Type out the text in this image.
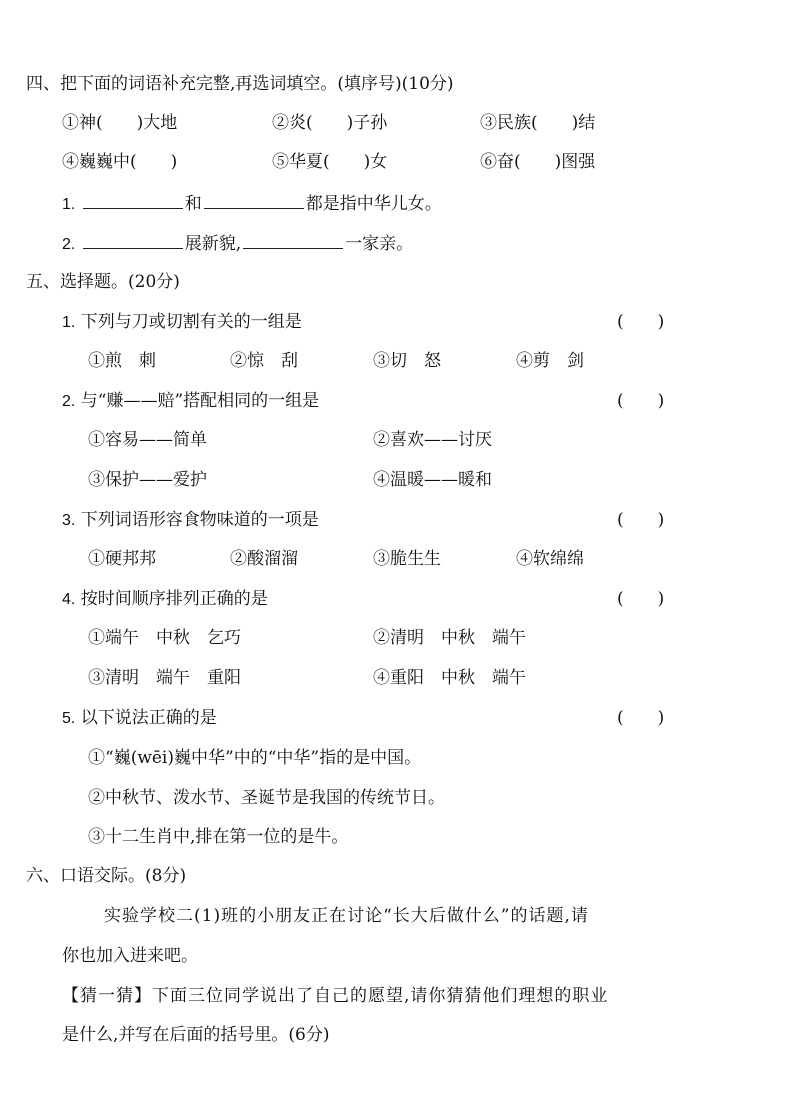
四、把下面的词语补充完整,再选词填空。(填序号)(10分)
①神(　　)大地	②炎(　　)子孙	③民族(　　)结
④巍巍中(　　)	⑤华夏(　　)女	⑥奋(　　)图强
1.	和	都是指中华儿女。
2.	展新貌,	一家亲。
五、选择题。(20分)
1. 下列与刀或切割有关的一组是	(　　)
①煎　刺	②惊　刮	③切　怒	④剪　剑
2. 与“赚——赔”搭配相同的一组是	(　　)
①容易——简单	②喜欢——讨厌
③保护——爱护	④温暖——暖和
3. 下列词语形容食物味道的一项是	(　　)
①硬邦邦	②酸溜溜	③脆生生	④软绵绵
4. 按时间顺序排列正确的是	(　　)
①端午　中秋　乞巧	②清明　中秋　端午
③清明　端午　重阳	④重阳　中秋　端午
5. 以下说法正确的是	(　　)
①“巍(wēi)巍中华”中的“中华”指的是中国。
②中秋节、泼水节、圣诞节是我国的传统节日。
③十二生肖中,排在第一位的是牛。
六、口语交际。(8分)
实验学校二(1)班的小朋友正在讨论“长大后做什么”的话题,请
你也加入进来吧。
【猜一猜】下面三位同学说出了自己的愿望,请你猜猜他们理想的职业
是什么,并写在后面的括号里。(6分)
